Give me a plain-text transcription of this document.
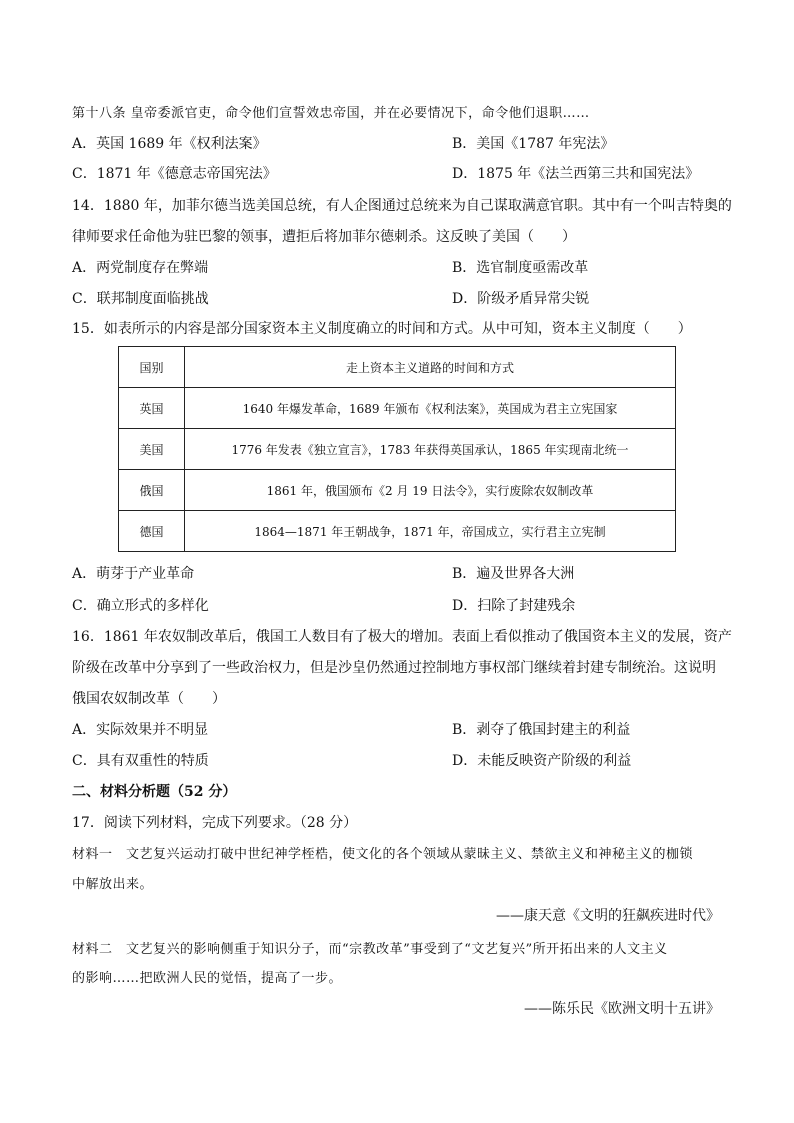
第十八条 皇帝委派官吏，命令他们宣誓效忠帝国，并在必要情况下，命令他们退职……
A．英国 1689 年《权利法案》	B．美国《1787 年宪法》
C．1871 年《德意志帝国宪法》	D．1875 年《法兰西第三共和国宪法》
14．1880 年，加菲尔德当选美国总统，有人企图通过总统来为自己谋取满意官职。其中有一个叫吉特奥的
律师要求任命他为驻巴黎的领事，遭拒后将加菲尔德刺杀。这反映了美国（　　）
A．两党制度存在弊端	B．选官制度亟需改革
C．联邦制度面临挑战	D．阶级矛盾异常尖锐
15．如表所示的内容是部分国家资本主义制度确立的时间和方式。从中可知，资本主义制度（　　）
国别	走上资本主义道路的时间和方式
英国	1640 年爆发革命，1689 年颁布《权利法案》，英国成为君主立宪国家
美国	1776 年发表《独立宣言》，1783 年获得英国承认，1865 年实现南北统一
俄国	1861 年，俄国颁布《2 月 19 日法令》，实行废除农奴制改革
德国	1864—1871 年王朝战争，1871 年，帝国成立，实行君主立宪制
A．萌芽于产业革命	B．遍及世界各大洲
C．确立形式的多样化	D．扫除了封建残余
16．1861 年农奴制改革后，俄国工人数目有了极大的增加。表面上看似推动了俄国资本主义的发展，资产
阶级在改革中分享到了一些政治权力，但是沙皇仍然通过控制地方事权部门继续着封建专制统治。这说明
俄国农奴制改革（　　）
A．实际效果并不明显	B．剥夺了俄国封建主的利益
C．具有双重性的特质	D．未能反映资产阶级的利益
二、材料分析题（52 分）
17．阅读下列材料，完成下列要求。（28 分）
材料一　文艺复兴运动打破中世纪神学桎梏，使文化的各个领域从蒙昧主义、禁欲主义和神秘主义的枷锁
中解放出来。
——康天意《文明的狂飙疾进时代》
材料二　文艺复兴的影响侧重于知识分子，而“宗教改革”事受到了“文艺复兴”所开拓出来的人文主义
的影响……把欧洲人民的觉悟，提高了一步。
——陈乐民《欧洲文明十五讲》
